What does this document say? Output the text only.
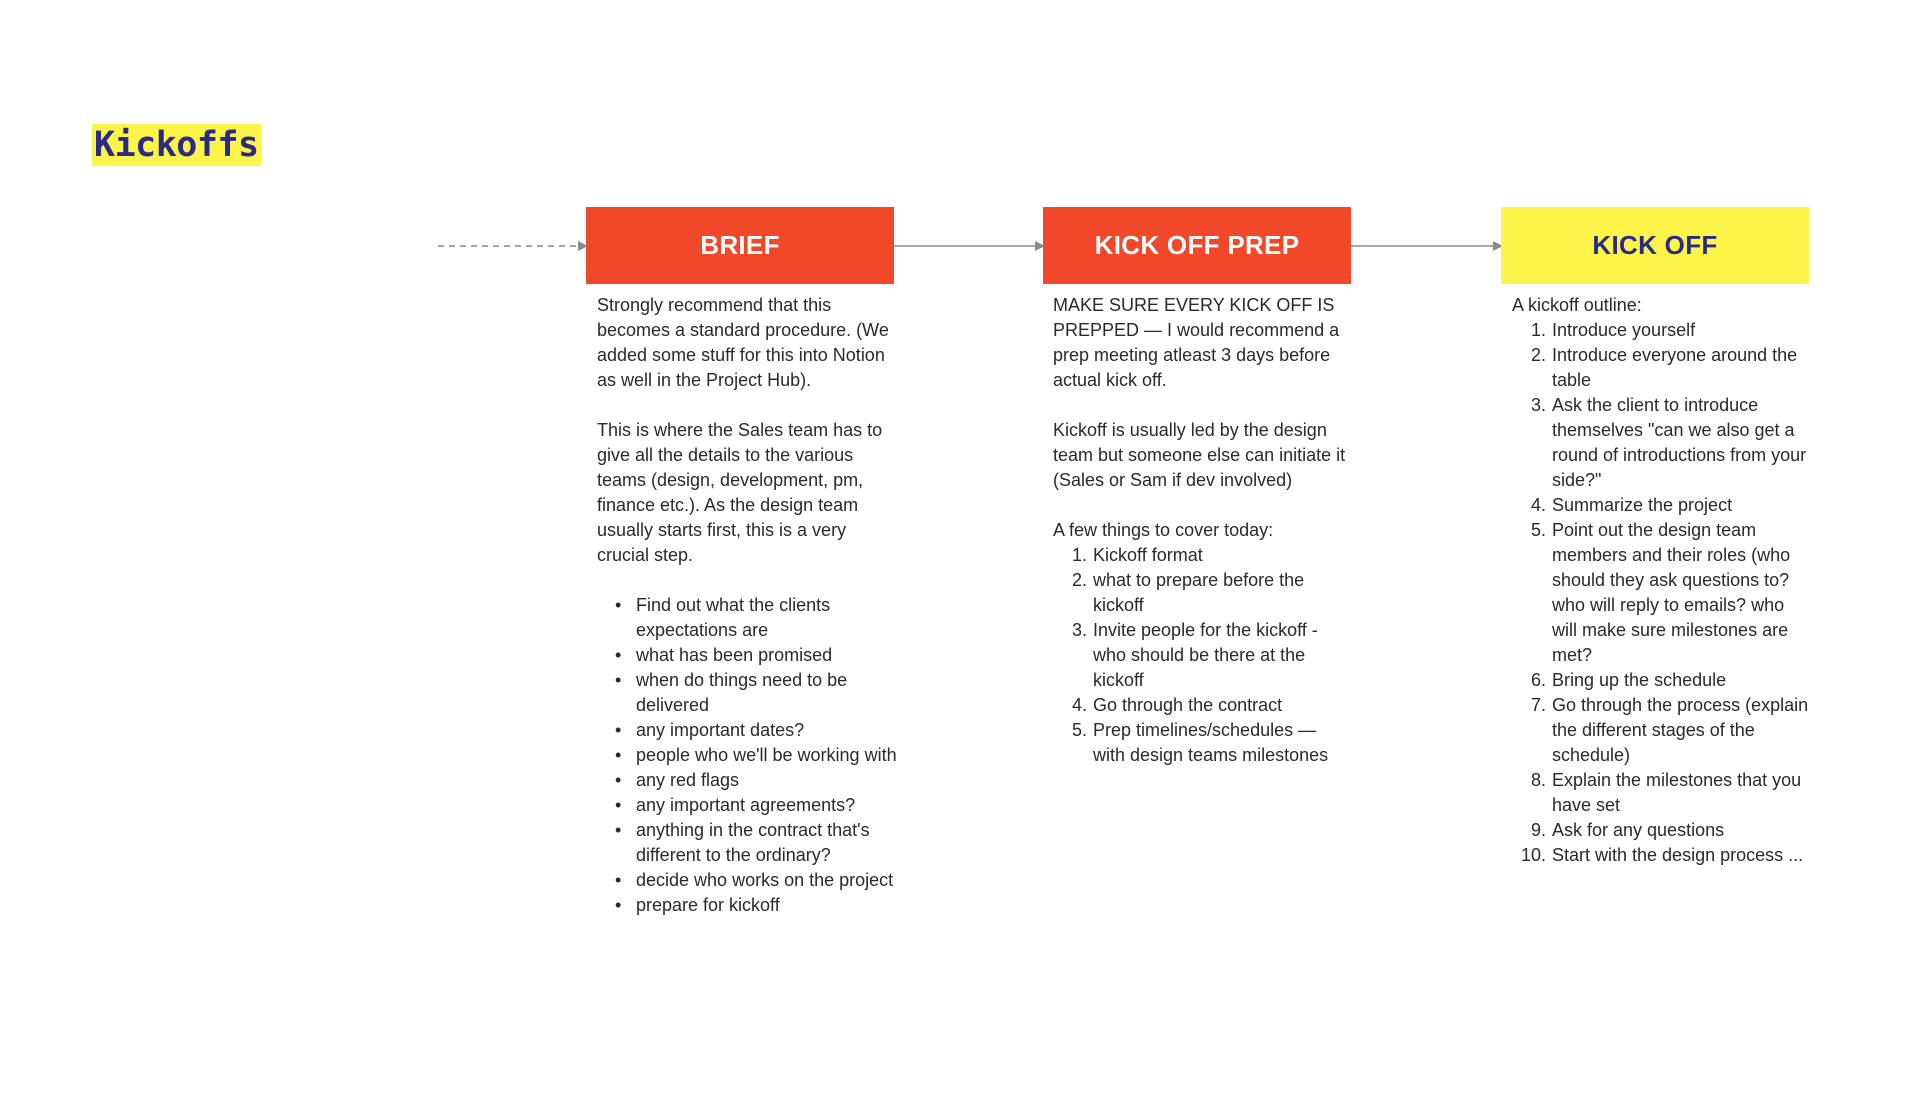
Kickoffs
BRIEF	KICK OFF PREP	KICK OFF

Strongly recommend that this becomes a standard procedure. (We added some stuff for this into Notion as well in the Project Hub).

This is where the Sales team has to give all the details to the various teams (design, development, pm, finance etc.). As the design team usually starts first, this is a very crucial step.

• Find out what the clients expectations are
• what has been promised
• when do things need to be delivered
• any important dates?
• people who we'll be working with
• any red flags
• any important agreements?
• anything in the contract that's different to the ordinary?
• decide who works on the project
• prepare for kickoff

MAKE SURE EVERY KICK OFF IS PREPPED — I would recommend a prep meeting atleast 3 days before actual kick off.

Kickoff is usually led by the design team but someone else can initiate it (Sales or Sam if dev involved)

A few things to cover today:

1. Kickoff format
2. what to prepare before the kickoff
3. Invite people for the kickoff - who should be there at the kickoff
4. Go through the contract
5. Prep timelines/schedules — with design teams milestones

A kickoff outline:

1. Introduce yourself
2. Introduce everyone around the table
3. Ask the client to introduce themselves "can we also get a round of introductions from your side?"
4. Summarize the project
5. Point out the design team members and their roles (who should they ask questions to? who will reply to emails? who will make sure milestones are met?
6. Bring up the schedule
7. Go through the process (explain the different stages of the schedule)
8. Explain the milestones that you have set
9. Ask for any questions
10. Start with the design process ...
